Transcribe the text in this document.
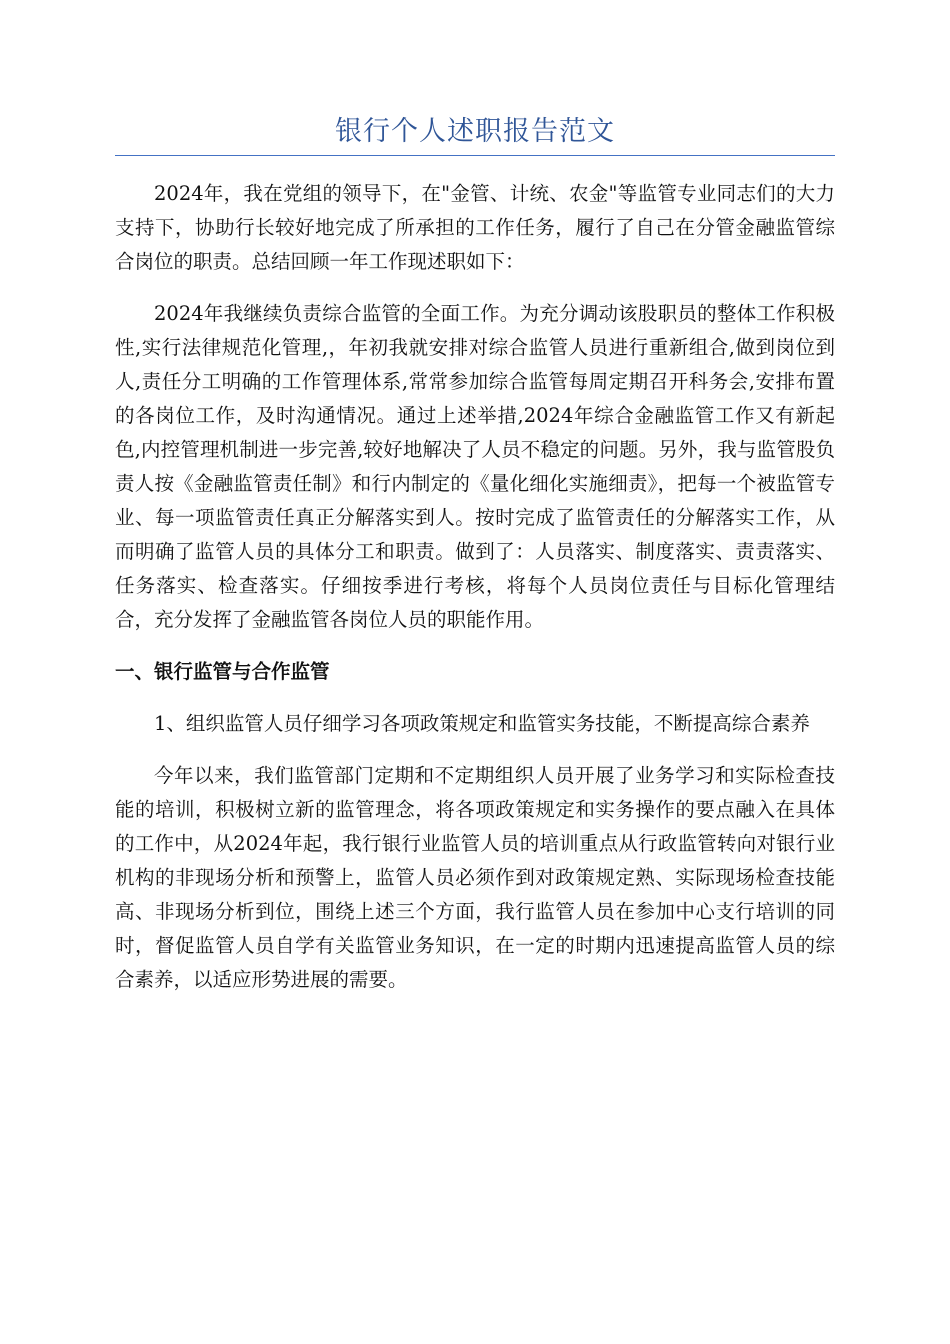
银行个人述职报告范文

2024年，我在党组的领导下，在"金管、计统、农金"等监管专业同志们的大力支持下，协助行长较好地完成了所承担的工作任务，履行了自己在分管金融监管综合岗位的职责。总结回顾一年工作现述职如下：

2024年我继续负责综合监管的全面工作。为充分调动该股职员的整体工作积极性,实行法律规范化管理,，年初我就安排对综合监管人员进行重新组合,做到岗位到人,责任分工明确的工作管理体系,常常参加综合监管每周定期召开科务会,安排布置的各岗位工作，及时沟通情况。通过上述举措,2024年综合金融监管工作又有新起色,内控管理机制进一步完善,较好地解决了人员不稳定的问题。另外，我与监管股负责人按《金融监管责任制》和行内制定的《量化细化实施细责》，把每一个被监管专业、每一项监管责任真正分解落实到人。按时完成了监管责任的分解落实工作，从而明确了监管人员的具体分工和职责。做到了：人员落实、制度落实、责责落实、任务落实、检查落实。仔细按季进行考核，将每个人员岗位责任与目标化管理结合，充分发挥了金融监管各岗位人员的职能作用。

一、银行监管与合作监管

1、组织监管人员仔细学习各项政策规定和监管实务技能，不断提高综合素养

今年以来，我们监管部门定期和不定期组织人员开展了业务学习和实际检查技能的培训，积极树立新的监管理念，将各项政策规定和实务操作的要点融入在具体的工作中，从2024年起，我行银行业监管人员的培训重点从行政监管转向对银行业机构的非现场分析和预警上，监管人员必须作到对政策规定熟、实际现场检查技能高、非现场分析到位，围绕上述三个方面，我行监管人员在参加中心支行培训的同时，督促监管人员自学有关监管业务知识，在一定的时期内迅速提高监管人员的综合素养，以适应形势进展的需要。
